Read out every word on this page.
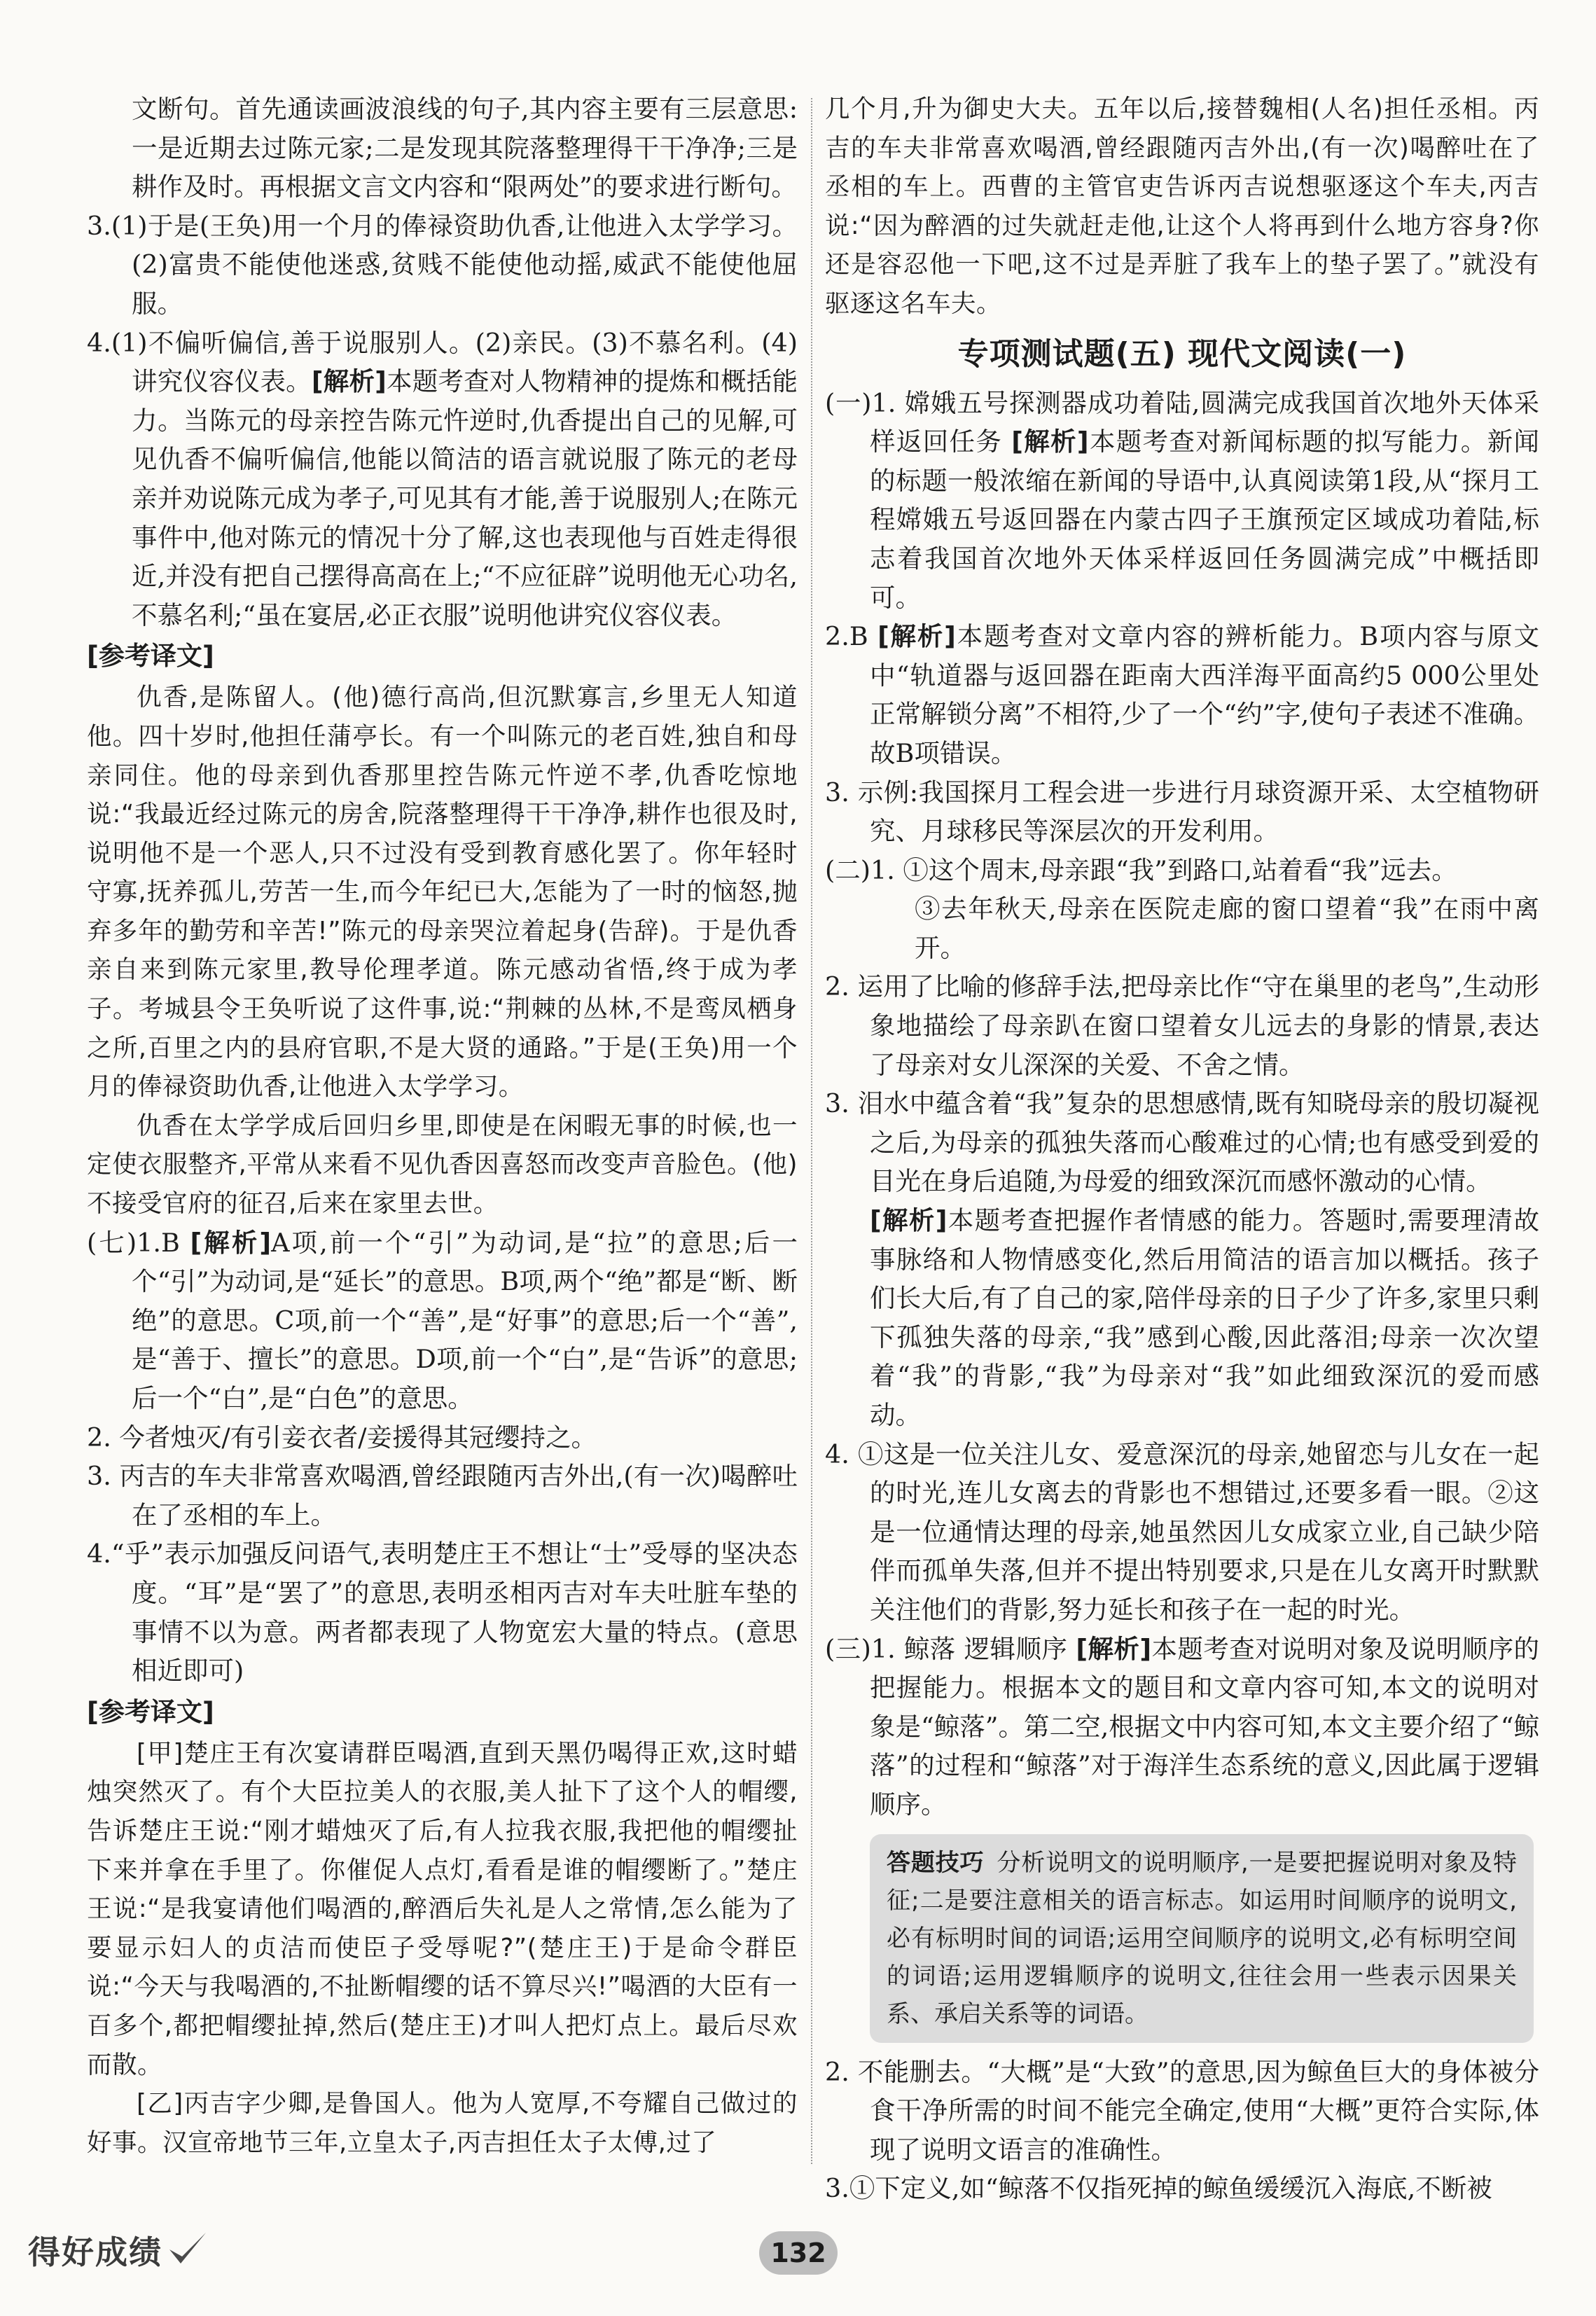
文断句。首先通读画波浪线的句子,其内容主要有三层意思:一是近期去过陈元家;二是发现其院落整理得干干净净;三是耕作及时。再根据文言文内容和“限两处”的要求进行断句。

3.(1)于是(王奂)用一个月的俸禄资助仇香,让他进入太学学习。 (2)富贵不能使他迷惑,贫贱不能使他动摇,威武不能使他屈服。

4.(1)不偏听偏信,善于说服别人。(2)亲民。(3)不慕名利。(4)讲究仪容仪表。[解析]本题考查对人物精神的提炼和概括能力。当陈元的母亲控告陈元忤逆时,仇香提出自己的见解,可见仇香不偏听偏信,他能以简洁的语言就说服了陈元的老母亲并劝说陈元成为孝子,可见其有才能,善于说服别人;在陈元事件中,他对陈元的情况十分了解,这也表现他与百姓走得很近,并没有把自己摆得高高在上;“不应征辟”说明他无心功名,不慕名利;“虽在宴居,必正衣服”说明他讲究仪容仪表。

[参考译文]

仇香,是陈留人。(他)德行高尚,但沉默寡言,乡里无人知道他。四十岁时,他担任蒲亭长。有一个叫陈元的老百姓,独自和母亲同住。他的母亲到仇香那里控告陈元忤逆不孝,仇香吃惊地说:“我最近经过陈元的房舍,院落整理得干干净净,耕作也很及时,说明他不是一个恶人,只不过没有受到教育感化罢了。你年轻时守寡,抚养孤儿,劳苦一生,而今年纪已大,怎能为了一时的恼怒,抛弃多年的勤劳和辛苦!”陈元的母亲哭泣着起身(告辞)。于是仇香亲自来到陈元家里,教导伦理孝道。陈元感动省悟,终于成为孝子。考城县令王奂听说了这件事,说:“荆棘的丛林,不是鸾凤栖身之所,百里之内的县府官职,不是大贤的通路。”于是(王奂)用一个月的俸禄资助仇香,让他进入太学学习。

仇香在太学学成后回归乡里,即使是在闲暇无事的时候,也一定使衣服整齐,平常从来看不见仇香因喜怒而改变声音脸色。(他)不接受官府的征召,后来在家里去世。

(七)1.B [解析]A项,前一个“引”为动词,是“拉”的意思;后一个“引”为动词,是“延长”的意思。B项,两个“绝”都是“断、断绝”的意思。C项,前一个“善”,是“好事”的意思;后一个“善”,是“善于、擅长”的意思。D项,前一个“白”,是“告诉”的意思;后一个“白”,是“白色”的意思。

2. 今者烛灭/有引妾衣者/妾援得其冠缨持之。

3. 丙吉的车夫非常喜欢喝酒,曾经跟随丙吉外出,(有一次)喝醉吐在了丞相的车上。

4.“乎”表示加强反问语气,表明楚庄王不想让“士”受辱的坚决态度。“耳”是“罢了”的意思,表明丞相丙吉对车夫吐脏车垫的事情不以为意。两者都表现了人物宽宏大量的特点。(意思相近即可)

[参考译文]

[甲]楚庄王有次宴请群臣喝酒,直到天黑仍喝得正欢,这时蜡烛突然灭了。有个大臣拉美人的衣服,美人扯下了这个人的帽缨,告诉楚庄王说:“刚才蜡烛灭了后,有人拉我衣服,我把他的帽缨扯下来并拿在手里了。你催促人点灯,看看是谁的帽缨断了。”楚庄王说:“是我宴请他们喝酒的,醉酒后失礼是人之常情,怎么能为了要显示妇人的贞洁而使臣子受辱呢?”(楚庄王)于是命令群臣说:“今天与我喝酒的,不扯断帽缨的话不算尽兴!”喝酒的大臣有一百多个,都把帽缨扯掉,然后(楚庄王)才叫人把灯点上。最后尽欢而散。

[乙]丙吉字少卿,是鲁国人。他为人宽厚,不夸耀自己做过的好事。汉宣帝地节三年,立皇太子,丙吉担任太子太傅,过了

几个月,升为御史大夫。五年以后,接替魏相(人名)担任丞相。丙吉的车夫非常喜欢喝酒,曾经跟随丙吉外出,(有一次)喝醉吐在了丞相的车上。西曹的主管官吏告诉丙吉说想驱逐这个车夫,丙吉说:“因为醉酒的过失就赶走他,让这个人将再到什么地方容身?你还是容忍他一下吧,这不过是弄脏了我车上的垫子罢了。”就没有驱逐这名车夫。

专项测试题(五) 现代文阅读(一)

(一)1. 嫦娥五号探测器成功着陆,圆满完成我国首次地外天体采样返回任务 [解析]本题考查对新闻标题的拟写能力。新闻的标题一般浓缩在新闻的导语中,认真阅读第1段,从“探月工程嫦娥五号返回器在内蒙古四子王旗预定区域成功着陆,标志着我国首次地外天体采样返回任务圆满完成”中概括即可。

2.B [解析]本题考查对文章内容的辨析能力。B项内容与原文中“轨道器与返回器在距南大西洋海平面高约5 000公里处正常解锁分离”不相符,少了一个“约”字,使句子表述不准确。故B项错误。

3. 示例:我国探月工程会进一步进行月球资源开采、太空植物研究、月球移民等深层次的开发利用。

(二)1. ①这个周末,母亲跟“我”到路口,站着看“我”远去。

③去年秋天,母亲在医院走廊的窗口望着“我”在雨中离开。

2. 运用了比喻的修辞手法,把母亲比作“守在巢里的老鸟”,生动形象地描绘了母亲趴在窗口望着女儿远去的身影的情景,表达了母亲对女儿深深的关爱、不舍之情。

3. 泪水中蕴含着“我”复杂的思想感情,既有知晓母亲的殷切凝视之后,为母亲的孤独失落而心酸难过的心情;也有感受到爱的目光在身后追随,为母爱的细致深沉而感怀激动的心情。

[解析]本题考查把握作者情感的能力。答题时,需要理清故事脉络和人物情感变化,然后用简洁的语言加以概括。孩子们长大后,有了自己的家,陪伴母亲的日子少了许多,家里只剩下孤独失落的母亲,“我”感到心酸,因此落泪;母亲一次次望着“我”的背影,“我”为母亲对“我”如此细致深沉的爱而感动。

4. ①这是一位关注儿女、爱意深沉的母亲,她留恋与儿女在一起的时光,连儿女离去的背影也不想错过,还要多看一眼。②这是一位通情达理的母亲,她虽然因儿女成家立业,自己缺少陪伴而孤单失落,但并不提出特别要求,只是在儿女离开时默默关注他们的背影,努力延长和孩子在一起的时光。

(三)1. 鲸落 逻辑顺序 [解析]本题考查对说明对象及说明顺序的把握能力。根据本文的题目和文章内容可知,本文的说明对象是“鲸落”。第二空,根据文中内容可知,本文主要介绍了“鲸落”的过程和“鲸落”对于海洋生态系统的意义,因此属于逻辑顺序。

答题技巧 分析说明文的说明顺序,一是要把握说明对象及特征;二是要注意相关的语言标志。如运用时间顺序的说明文,必有标明时间的词语;运用空间顺序的说明文,必有标明空间的词语;运用逻辑顺序的说明文,往往会用一些表示因果关系、承启关系等的词语。

2. 不能删去。“大概”是“大致”的意思,因为鲸鱼巨大的身体被分食干净所需的时间不能完全确定,使用“大概”更符合实际,体现了说明文语言的准确性。

3.①下定义,如“鲸落不仅指死掉的鲸鱼缓缓沉入海底,不断被

得好成绩	132
